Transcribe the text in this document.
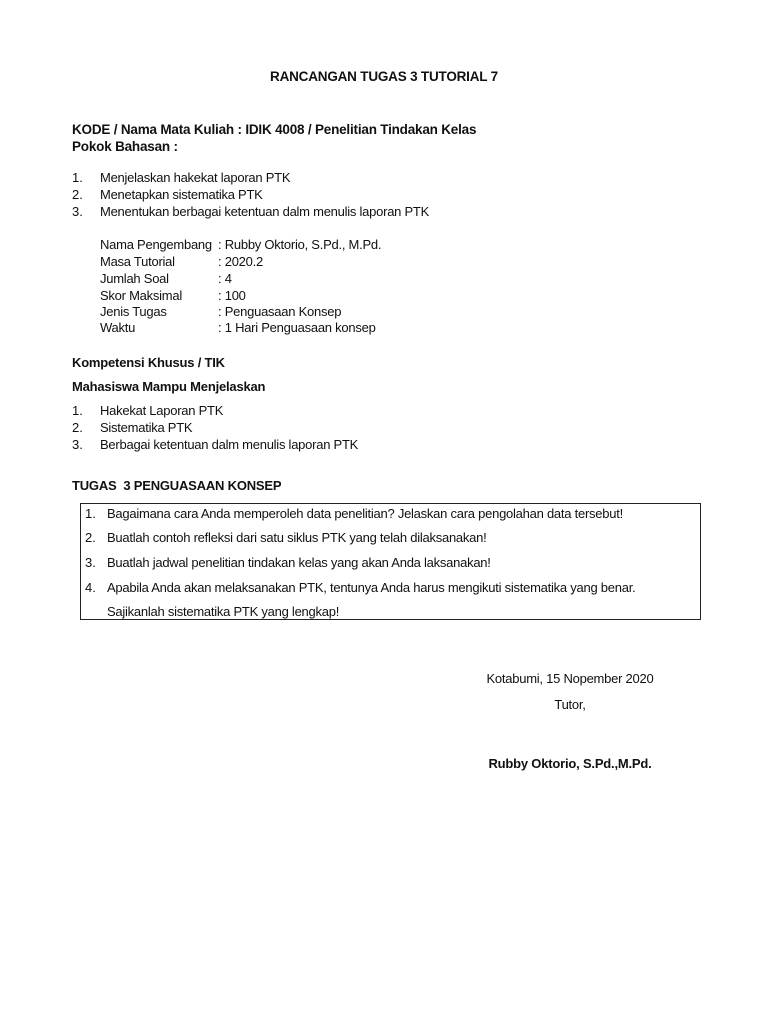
RANCANGAN TUGAS 3 TUTORIAL 7
KODE / Nama Mata Kuliah : IDIK 4008 / Penelitian Tindakan Kelas
Pokok Bahasan :
1.	Menjelaskan hakekat laporan PTK
2.	Menetapkan sistematika PTK
3.	Menentukan berbagai ketentuan dalm menulis laporan PTK
Nama Pengembang : Rubby Oktorio, S.Pd., M.Pd.
Masa Tutorial	: 2020.2
Jumlah Soal	: 4
Skor Maksimal	: 100
Jenis Tugas	: Penguasaan Konsep
Waktu	: 1 Hari Penguasaan konsep
Kompetensi Khusus / TIK
Mahasiswa Mampu Menjelaskan
1.	Hakekat Laporan PTK
2.	Sistematika PTK
3.	Berbagai ketentuan dalm menulis laporan PTK
TUGAS  3 PENGUASAAN KONSEP
1. Bagaimana cara Anda memperoleh data penelitian? Jelaskan cara pengolahan data tersebut!
2. Buatlah contoh refleksi dari satu siklus PTK yang telah dilaksanakan!
3. Buatlah jadwal penelitian tindakan kelas yang akan Anda laksanakan!
4. Apabila Anda akan melaksanakan PTK, tentunya Anda harus mengikuti sistematika yang benar.
Sajikanlah sistematika PTK yang lengkap!
Kotabumi, 15 Nopember 2020
Tutor,
Rubby Oktorio, S.Pd.,M.Pd.
